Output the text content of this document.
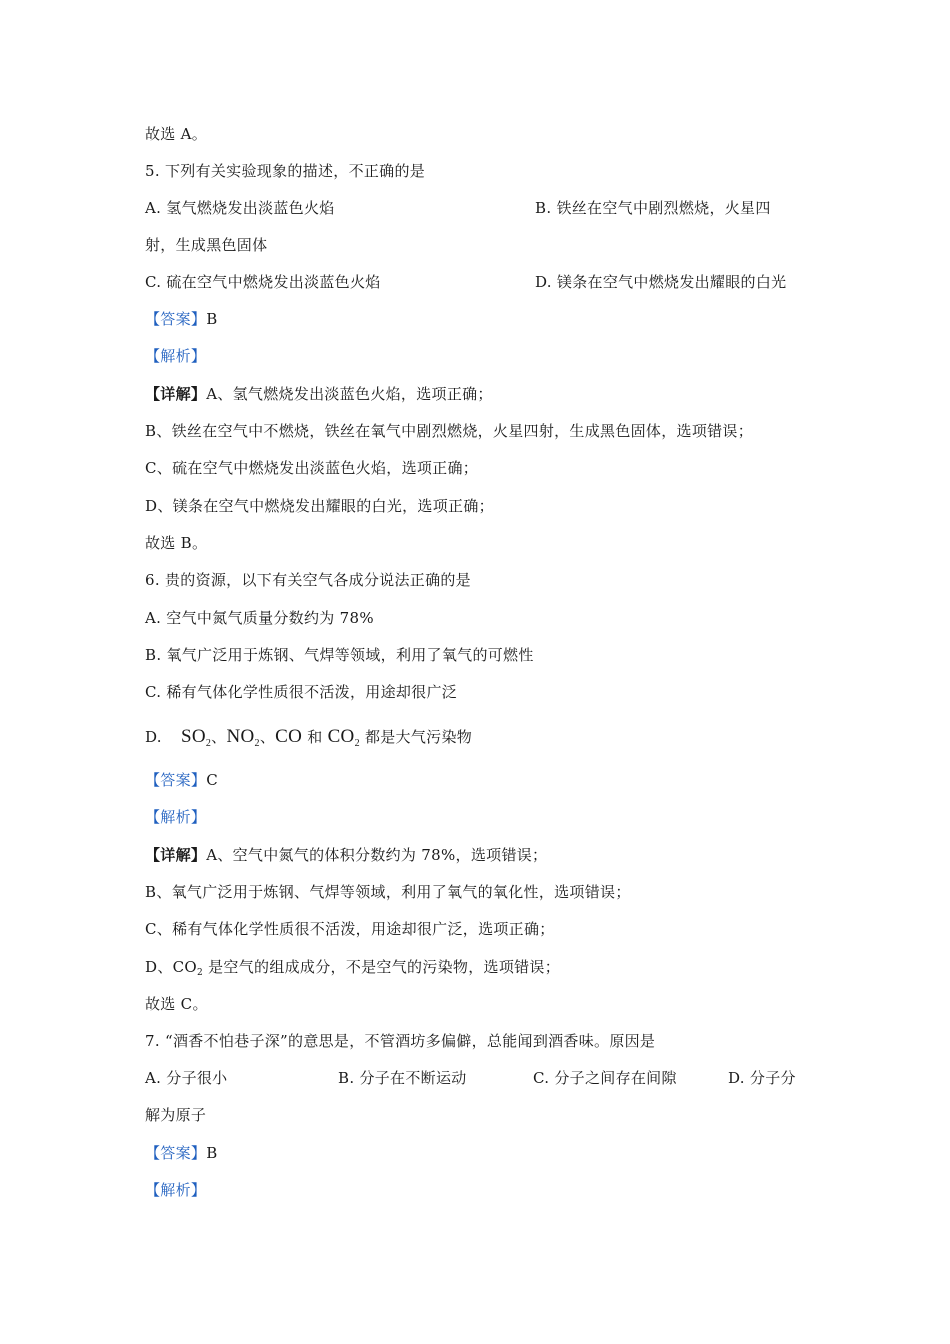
故选 A。
5. 下列有关实验现象的描述，不正确的是
A. 氢气燃烧发出淡蓝色火焰	B. 铁丝在空气中剧烈燃烧，火星四
射，生成黑色固体
C. 硫在空气中燃烧发出淡蓝色火焰	D. 镁条在空气中燃烧发出耀眼的白光
【答案】B
【解析】
【详解】A、氢气燃烧发出淡蓝色火焰，选项正确；
B、铁丝在空气中不燃烧，铁丝在氧气中剧烈燃烧，火星四射，生成黑色固体，选项错误；
C、硫在空气中燃烧发出淡蓝色火焰，选项正确；
D、镁条在空气中燃烧发出耀眼的白光，选项正确；
故选 B。
6. 贵的资源，以下有关空气各成分说法正确的是
A. 空气中氮气质量分数约为 78%
B. 氧气广泛用于炼钢、气焊等领域，利用了氧气的可燃性
C. 稀有气体化学性质很不活泼，用途却很广泛
D. $SO_2$、$NO_2$、CO 和 $CO_2$ 都是大气污染物
【答案】C
【解析】
【详解】A、空气中氮气的体积分数约为 78%，选项错误；
B、氧气广泛用于炼钢、气焊等领域，利用了氧气的氧化性，选项错误；
C、稀有气体化学性质很不活泼，用途却很广泛，选项正确；
D、$CO_2$ 是空气的组成成分，不是空气的污染物，选项错误；
故选 C。
7. “酒香不怕巷子深”的意思是，不管酒坊多偏僻，总能闻到酒香味。原因是
A. 分子很小	B. 分子在不断运动	C. 分子之间存在间隙	D. 分子分
解为原子
【答案】B
【解析】
